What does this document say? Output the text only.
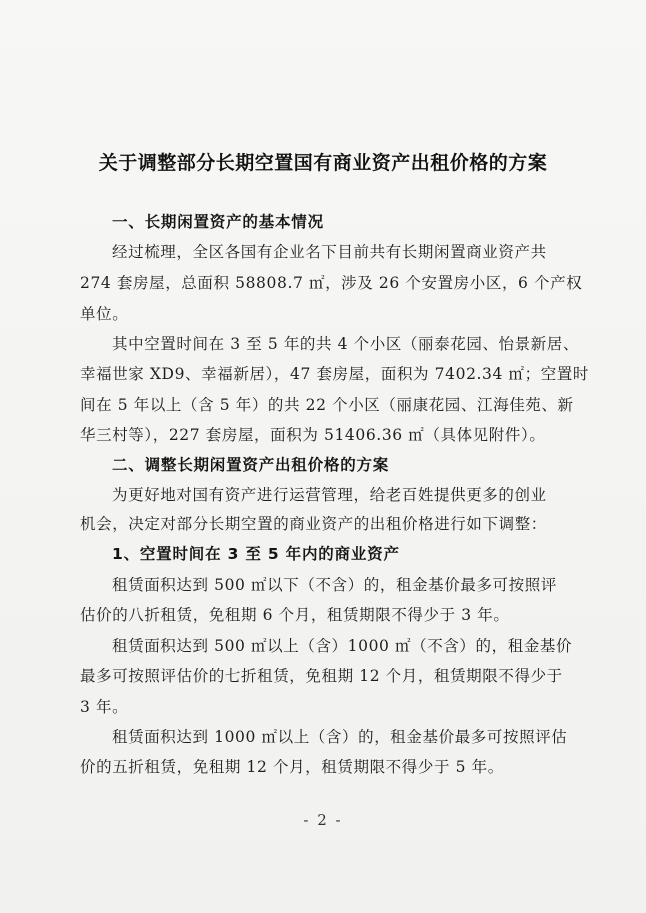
关于调整部分长期空置国有商业资产出租价格的方案
一、长期闲置资产的基本情况
经过梳理，全区各国有企业名下目前共有长期闲置商业资产共
274 套房屋，总面积 58808.7 ㎡，涉及 26 个安置房小区，6 个产权
单位。
其中空置时间在 3 至 5 年的共 4 个小区（丽泰花园、怡景新居、
幸福世家 XD9、幸福新居），47 套房屋，面积为 7402.34 ㎡；空置时
间在 5 年以上（含 5 年）的共 22 个小区（丽康花园、江海佳苑、新
华三村等），227 套房屋，面积为 51406.36 ㎡（具体见附件）。
二、调整长期闲置资产出租价格的方案
为更好地对国有资产进行运营管理，给老百姓提供更多的创业
机会，决定对部分长期空置的商业资产的出租价格进行如下调整：
1、空置时间在 3 至 5 年内的商业资产
租赁面积达到 500 ㎡以下（不含）的，租金基价最多可按照评
估价的八折租赁，免租期 6 个月，租赁期限不得少于 3 年。
租赁面积达到 500 ㎡以上（含）1000 ㎡（不含）的，租金基价
最多可按照评估价的七折租赁，免租期 12 个月，租赁期限不得少于
3 年。
租赁面积达到 1000 ㎡以上（含）的，租金基价最多可按照评估
价的五折租赁，免租期 12 个月，租赁期限不得少于 5 年。
- 2 -
